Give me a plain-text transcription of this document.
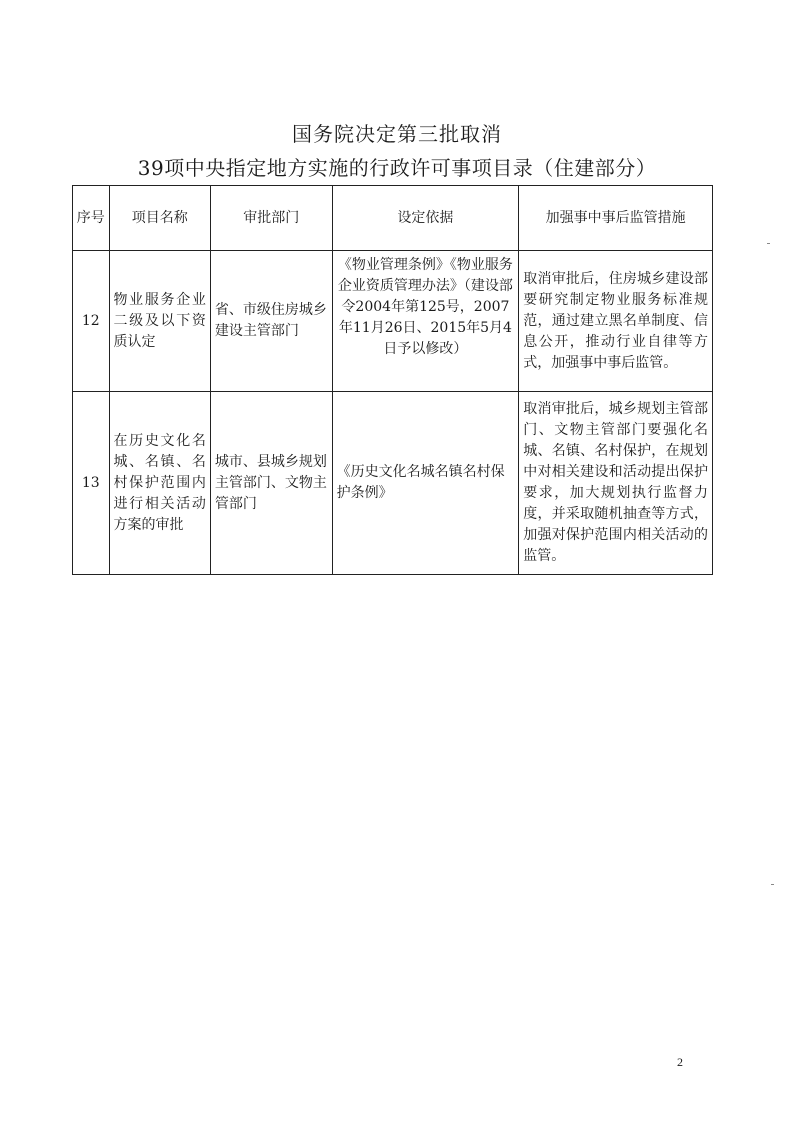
国务院决定第三批取消
39项中央指定地方实施的行政许可事项目录（住建部分）
序号	项目名称	审批部门	设定依据	加强事中事后监管措施
12	物业服务企业二级及以下资质认定	省、市级住房城乡建设主管部门	《物业管理条例》《物业服务企业资质管理办法》（建设部令2004年第125号，2007年11月26日、2015年5月4日予以修改）	取消审批后，住房城乡建设部要研究制定物业服务标准规范，通过建立黑名单制度、信息公开，推动行业自律等方式，加强事中事后监管。
13	在历史文化名城、名镇、名村保护范围内进行相关活动方案的审批	城市、县城乡规划主管部门、文物主管部门	《历史文化名城名镇名村保护条例》	取消审批后，城乡规划主管部门、文物主管部门要强化名城、名镇、名村保护，在规划中对相关建设和活动提出保护要求，加大规划执行监督力度，并采取随机抽查等方式，加强对保护范围内相关活动的监管。
2
